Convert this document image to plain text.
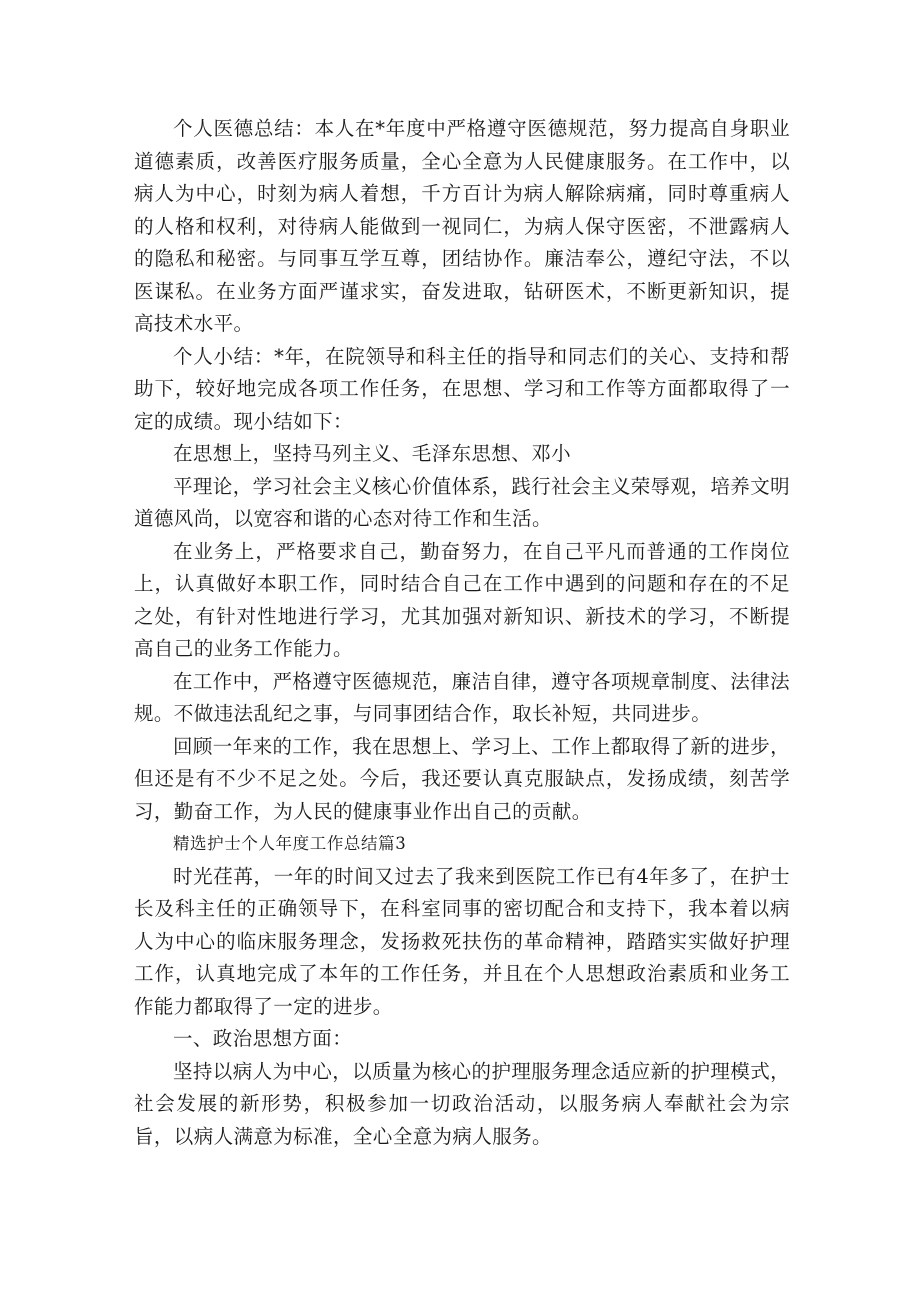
个人医德总结：本人在*年度中严格遵守医德规范，努力提高自身职业道德素质，改善医疗服务质量，全心全意为人民健康服务。在工作中，以病人为中心，时刻为病人着想，千方百计为病人解除病痛，同时尊重病人的人格和权利，对待病人能做到一视同仁，为病人保守医密，不泄露病人的隐私和秘密。与同事互学互尊，团结协作。廉洁奉公，遵纪守法，不以医谋私。在业务方面严谨求实，奋发进取，钻研医术，不断更新知识，提高技术水平。

个人小结：*年，在院领导和科主任的指导和同志们的关心、支持和帮助下，较好地完成各项工作任务，在思想、学习和工作等方面都取得了一定的成绩。现小结如下：

在思想上，坚持马列主义、毛泽东思想、邓小

平理论，学习社会主义核心价值体系，践行社会主义荣辱观，培养文明道德风尚，以宽容和谐的心态对待工作和生活。

在业务上，严格要求自己，勤奋努力，在自己平凡而普通的工作岗位上，认真做好本职工作，同时结合自己在工作中遇到的问题和存在的不足之处，有针对性地进行学习，尤其加强对新知识、新技术的学习，不断提高自己的业务工作能力。

在工作中，严格遵守医德规范，廉洁自律，遵守各项规章制度、法律法规。不做违法乱纪之事，与同事团结合作，取长补短，共同进步。

回顾一年来的工作，我在思想上、学习上、工作上都取得了新的进步，但还是有不少不足之处。今后，我还要认真克服缺点，发扬成绩，刻苦学习，勤奋工作，为人民的健康事业作出自己的贡献。

精选护士个人年度工作总结篇3

时光荏苒，一年的时间又过去了我来到医院工作已有4年多了，在护士长及科主任的正确领导下，在科室同事的密切配合和支持下，我本着以病人为中心的临床服务理念，发扬救死扶伤的革命精神，踏踏实实做好护理工作，认真地完成了本年的工作任务，并且在个人思想政治素质和业务工作能力都取得了一定的进步。

一、政治思想方面：

坚持以病人为中心，以质量为核心的护理服务理念适应新的护理模式，社会发展的新形势，积极参加一切政治活动，以服务病人奉献社会为宗旨，以病人满意为标准，全心全意为病人服务。
